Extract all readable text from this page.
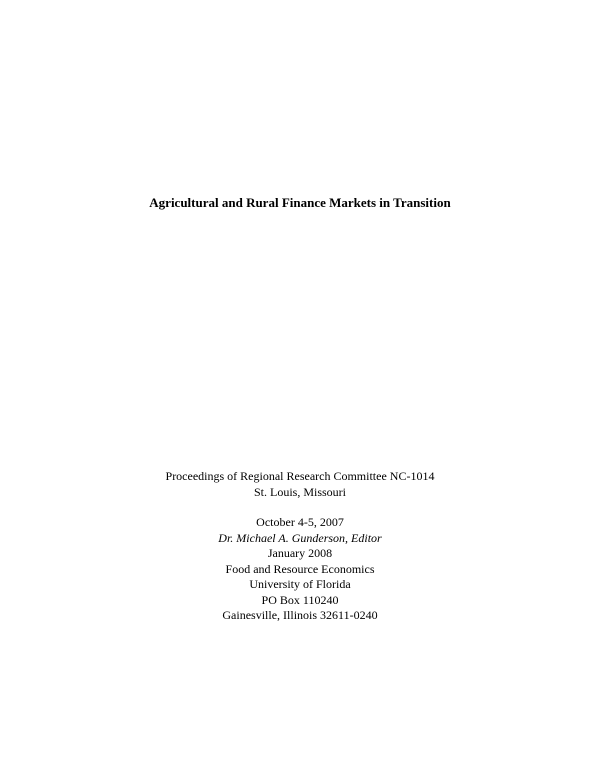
Agricultural and Rural Finance Markets in Transition
Proceedings of Regional Research Committee NC-1014
St. Louis, Missouri
October 4-5, 2007
Dr. Michael A. Gunderson, Editor
January 2008
Food and Resource Economics
University of Florida
PO Box 110240
Gainesville, Illinois 32611-0240
